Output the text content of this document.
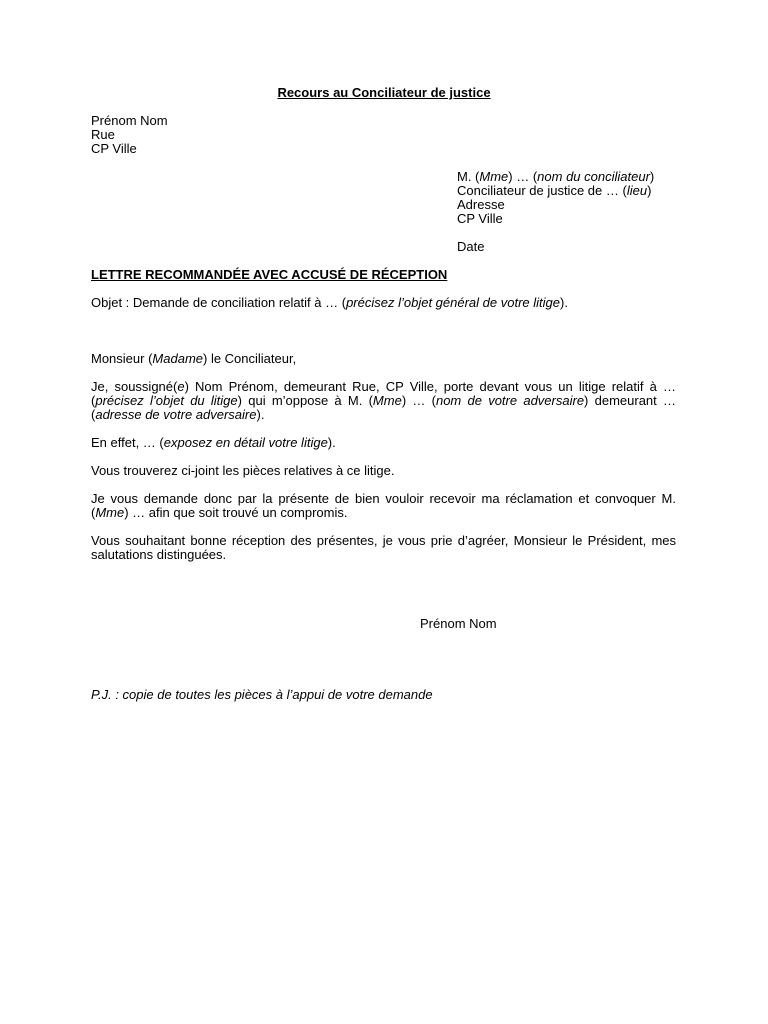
Recours au Conciliateur de justice
Prénom Nom
Rue
CP Ville
M. (Mme) … (nom du conciliateur)
Conciliateur de justice de … (lieu)
Adresse
CP Ville
Date
LETTRE RECOMMANDÉE AVEC ACCUSÉ DE RÉCEPTION
Objet : Demande de conciliation relatif à … (précisez l’objet général de votre litige).
Monsieur (Madame) le Conciliateur,
Je, soussigné(e) Nom Prénom, demeurant Rue, CP Ville, porte devant vous un litige relatif à … (précisez l’objet du litige) qui m’oppose à M. (Mme) … (nom de votre adversaire) demeurant … (adresse de votre adversaire).
En effet, … (exposez en détail votre litige).
Vous trouverez ci-joint les pièces relatives à ce litige.
Je vous demande donc par la présente de bien vouloir recevoir ma réclamation et convoquer M. (Mme) … afin que soit trouvé un compromis.
Vous souhaitant bonne réception des présentes, je vous prie d’agréer, Monsieur le Président, mes salutations distinguées.
Prénom Nom
P.J. : copie de toutes les pièces à l’appui de votre demande
